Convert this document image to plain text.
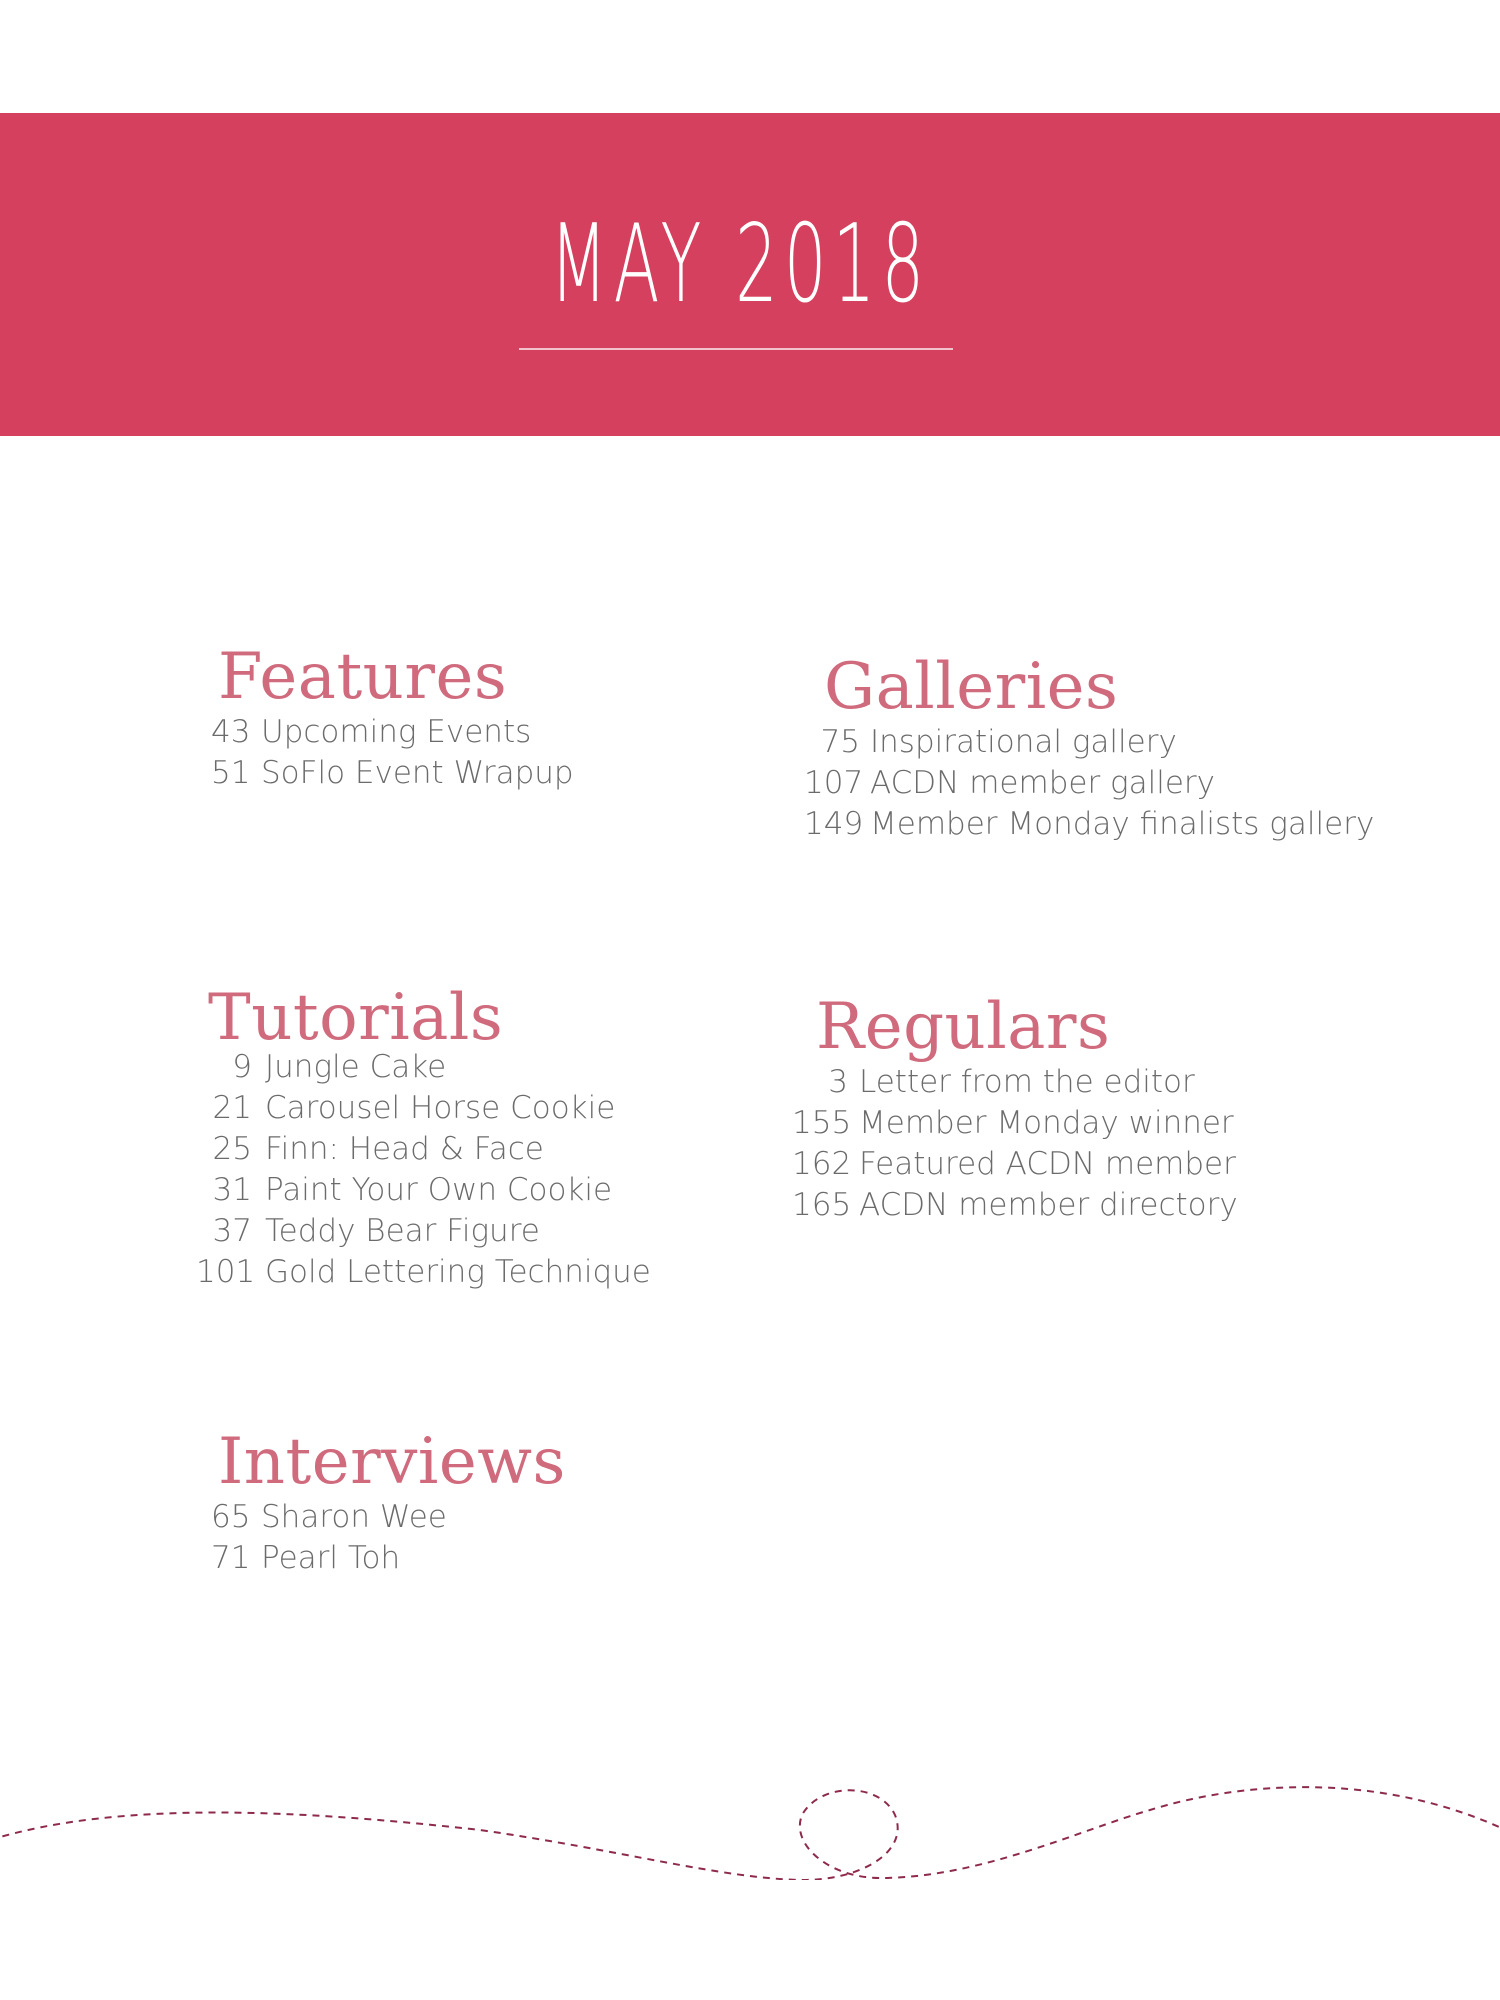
MAY 2018
Features
43 Upcoming Events
51 SoFlo Event Wrapup
Galleries
75 Inspirational gallery
107 ACDN member gallery
149 Member Monday finalists gallery
Tutorials
9 Jungle Cake
21 Carousel Horse Cookie
25 Finn: Head & Face
31 Paint Your Own Cookie
37 Teddy Bear Figure
101 Gold Lettering Technique
Regulars
3 Letter from the editor
155 Member Monday winner
162 Featured ACDN member
165 ACDN member directory
Interviews
65 Sharon Wee
71 Pearl Toh
